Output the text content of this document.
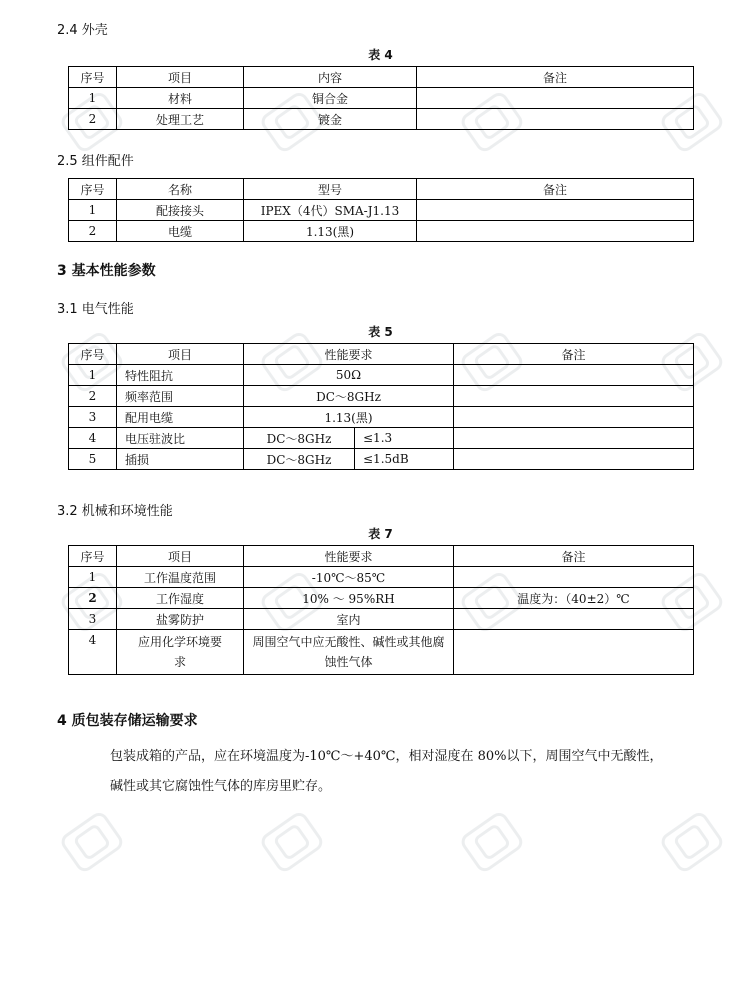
2.4 外壳
表 4
序号	项目	内容	备注
1	材料	铜合金	
2	处理工艺	镀金	
2.5 组件配件
序号	名称	型号	备注
1	配接接头	IPEX（4代）SMA-J1.13	
2	电缆	1.13(黑)	
3 基本性能参数
3.1 电气性能
表 5
序号	项目	性能要求		备注
1	特性阻抗	50Ω		
2	频率范围	DC～8GHz		
3	配用电缆	1.13(黑)		
4	电压驻波比	DC～8GHz	≤1.3	
5	插损	DC～8GHz	≤1.5dB	
3.2 机械和环境性能
表 7
序号	项目	性能要求	备注
1	工作温度范围	-10℃～85℃	
2	工作湿度	10% ～ 95%RH	温度为：（40±2）℃
3	盐雾防护	室内	
4	应用化学环境要求	周围空气中应无酸性、碱性或其他腐蚀性气体	
4 质包装存储运输要求
包装成箱的产品，应在环境温度为-10℃～+40℃，相对湿度在 80%以下，周围空气中无酸性，
碱性或其它腐蚀性气体的库房里贮存。
